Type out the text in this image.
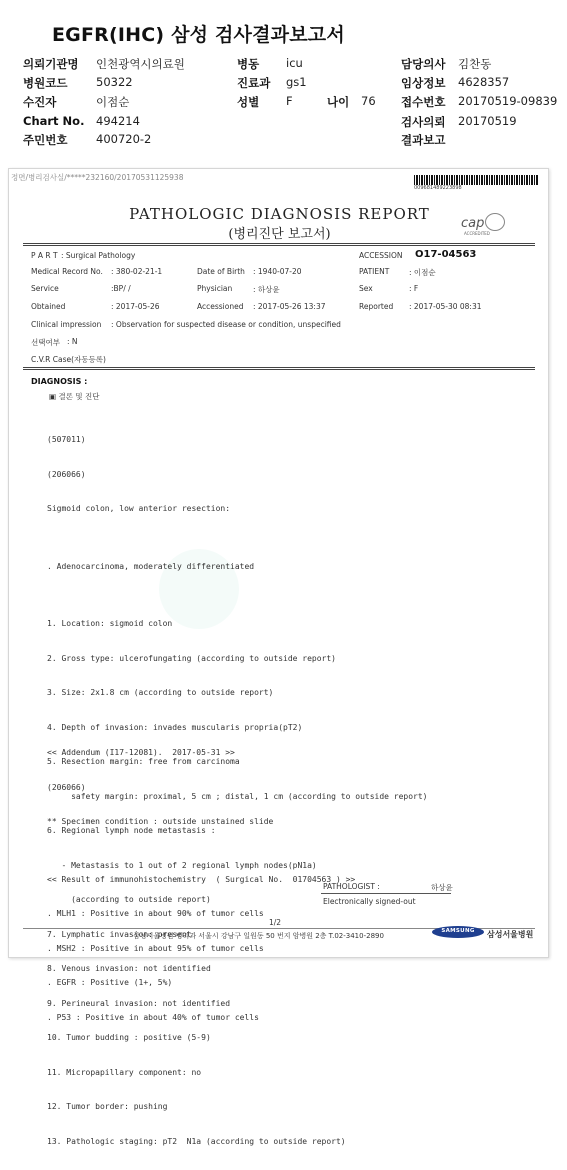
EGFR(IHC) 삼성 검사결과보고서
의뢰기관명 인천광역시의료원	병동 icu	담당의사 김찬동
병원코드 50322	진료과 gs1	임상정보 4628357
수진자	이점순	성별 F	나이 76 접수번호 20170519-09839
Chart No. 494214	검사의뢰 20170519
주민번호 400720-2	결과보고
정면/병리검사실/*****232160/20170531125938
009681489223898
PATHOLOGIC DIAGNOSIS REPORT
(병리진단 보고서)
cap
ACCREDITED
P A R T : Surgical Pathology	ACCESSION O17-04563
Medical Record No. : 380-02-21-1	Date of Birth : 1940-07-20	PATIENT	: 이점순
Service	:BP/ /	Physician	: 하상윤	Sex	: F
Obtained	: 2017-05-26	Accessioned : 2017-05-26 13:37	Reported : 2017-05-30 08:31
Clinical impression : Observation for suspected disease or condition, unspecified
선택여부 : N
C.V.R Case(자동등록)
DIAGNOSIS :
▣ 결론 및 진단

(507011)

(206066)

Sigmoid colon, low anterior resection:

. Adenocarcinoma, moderately differentiated

1. Location: sigmoid colon

2. Gross type: ulcerofungating (according to outside report)

3. Size: 2x1.8 cm (according to outside report)

4. Depth of invasion: invades muscularis propria(pT2)

5. Resection margin: free from carcinoma

safety margin: proximal, 5 cm ; distal, 1 cm (according to outside report)

6. Regional lymph node metastasis :

- Metastasis to 1 out of 2 regional lymph nodes(pN1a)

(according to outside report)

7. Lymphatic invasion: present

8. Venous invasion: not identified

9. Perineural invasion: not identified

10. Tumor budding : positive (5-9)

11. Micropapillary component: no

12. Tumor border: pushing

13. Pathologic staging: pT2  N1a (according to outside report)

<< Addendum (I17-12081).  2017-05-31 >>

(206066)

** Specimen condition : outside unstained slide

<< Result of immunohistochemistry  ( Surgical No.  01704563 ) >>

. MLH1 : Positive in about 90% of tumor cells

. MSH2 : Positive in about 95% of tumor cells

. EGFR : Positive (1+, 5%)

. P53 : Positive in about 40% of tumor cells

PATHOLOGIST :	하상윤
Electronically signed-out
1/2
삼성서울병원 병리과 서울시 강남구 일원동 50 번지 암병원 2층 T.02-3410-2890
SAMSUNG	삼성서울병원
